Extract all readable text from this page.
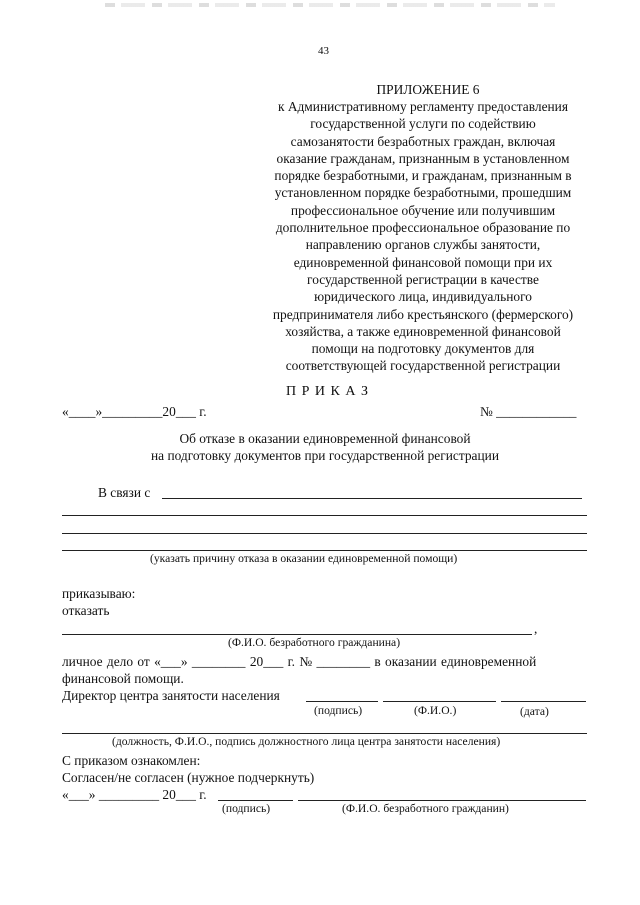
43
ПРИЛОЖЕНИЕ 6
к Административному регламенту предоставления
государственной услуги по содействию
самозанятости безработных граждан, включая
оказание гражданам, признанным в установленном
порядке безработными, и гражданам, признанным в
установленном порядке безработными, прошедшим
профессиональное обучение или получившим
дополнительное профессиональное образование по
направлению органов службы занятости,
единовременной финансовой помощи при их
государственной регистрации в качестве
юридического лица, индивидуального
предпринимателя либо крестьянского (фермерского)
хозяйства, а также единовременной финансовой
помощи на подготовку документов для
соответствующей государственной регистрации
П Р И К А З
«____»_________20___ г.	№ ____________
Об отказе в оказании единовременной финансовой
на подготовку документов при государственной регистрации
В связи с
(указать причину отказа в оказании единовременной помощи)
приказываю:
отказать
,
(Ф.И.О. безработного гражданина)
личное дело от «___» ________ 20___ г. № ________ в оказании единовременной
финансовой помощи.
Директор центра занятости населения
(подпись)	(Ф.И.О.)	(дата)
(должность, Ф.И.О., подпись должностного лица центра занятости населения)
С приказом ознакомлен:
Согласен/не согласен (нужное подчеркнуть)
«___» _________ 20___ г.
(подпись)	(Ф.И.О. безработного гражданин)
